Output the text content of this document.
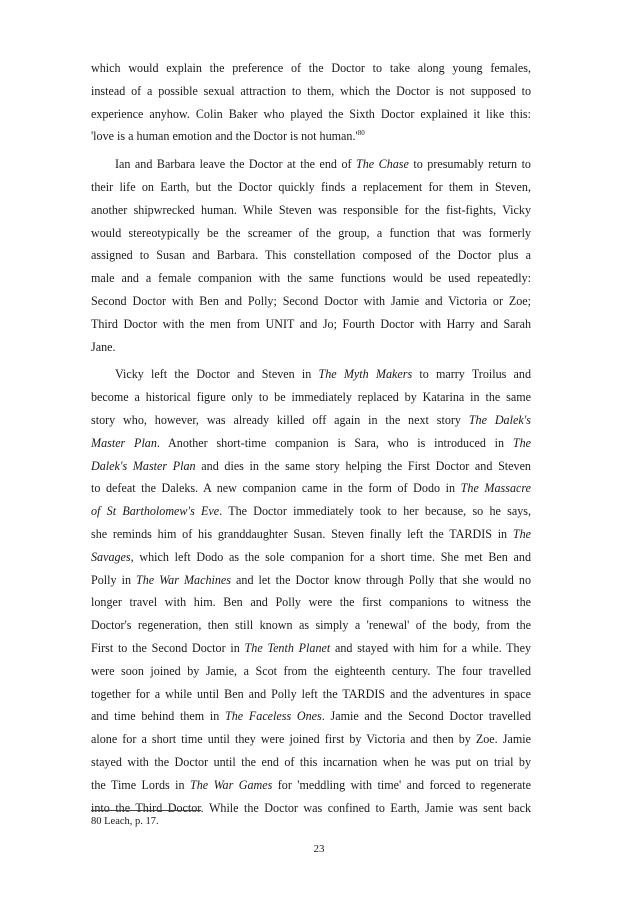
which would explain the preference of the Doctor to take along young females,
instead of a possible sexual attraction to them, which the Doctor is not supposed to
experience anyhow. Colin Baker who played the Sixth Doctor explained it like this:
'love is a human emotion and the Doctor is not $human.'^{80}$
Ian and Barbara leave the Doctor at the end of The Chase to presumably return to
their life on Earth, but the Doctor quickly finds a replacement for them in Steven,
another shipwrecked human. While Steven was responsible for the fist-fights, Vicky
would stereotypically be the screamer of the group, a function that was formerly
assigned to Susan and Barbara. This constellation composed of the Doctor plus a
male and a female companion with the same functions would be used repeatedly:
Second Doctor with Ben and Polly; Second Doctor with Jamie and Victoria or Zoe;
Third Doctor with the men from UNIT and Jo; Fourth Doctor with Harry and Sarah
Jane.
Vicky left the Doctor and Steven in The Myth Makers to marry Troilus and
become a historical figure only to be immediately replaced by Katarina in the same
story who, however, was already killed off again in the next story The Dalek's
Master Plan. Another short-time companion is Sara, who is introduced in The
Dalek's Master Plan and dies in the same story helping the First Doctor and Steven
to defeat the Daleks. A new companion came in the form of Dodo in The Massacre
of St Bartholomew's Eve. The Doctor immediately took to her because, so he says,
she reminds him of his granddaughter Susan. Steven finally left the TARDIS in The
Savages, which left Dodo as the sole companion for a short time. She met Ben and
Polly in The War Machines and let the Doctor know through Polly that she would no
longer travel with him. Ben and Polly were the first companions to witness the
Doctor's regeneration, then still known as simply a 'renewal' of the body, from the
First to the Second Doctor in The Tenth Planet and stayed with him for a while. They
were soon joined by Jamie, a Scot from the eighteenth century. The four travelled
together for a while until Ben and Polly left the TARDIS and the adventures in space
and time behind them in The Faceless Ones. Jamie and the Second Doctor travelled
alone for a short time until they were joined first by Victoria and then by Zoe. Jamie
stayed with the Doctor until the end of this incarnation when he was put on trial by
the Time Lords in The War Games for 'meddling with time' and forced to regenerate
into the Third Doctor. While the Doctor was confined to Earth, Jamie was sent back
80 Leach, p. 17.
23
